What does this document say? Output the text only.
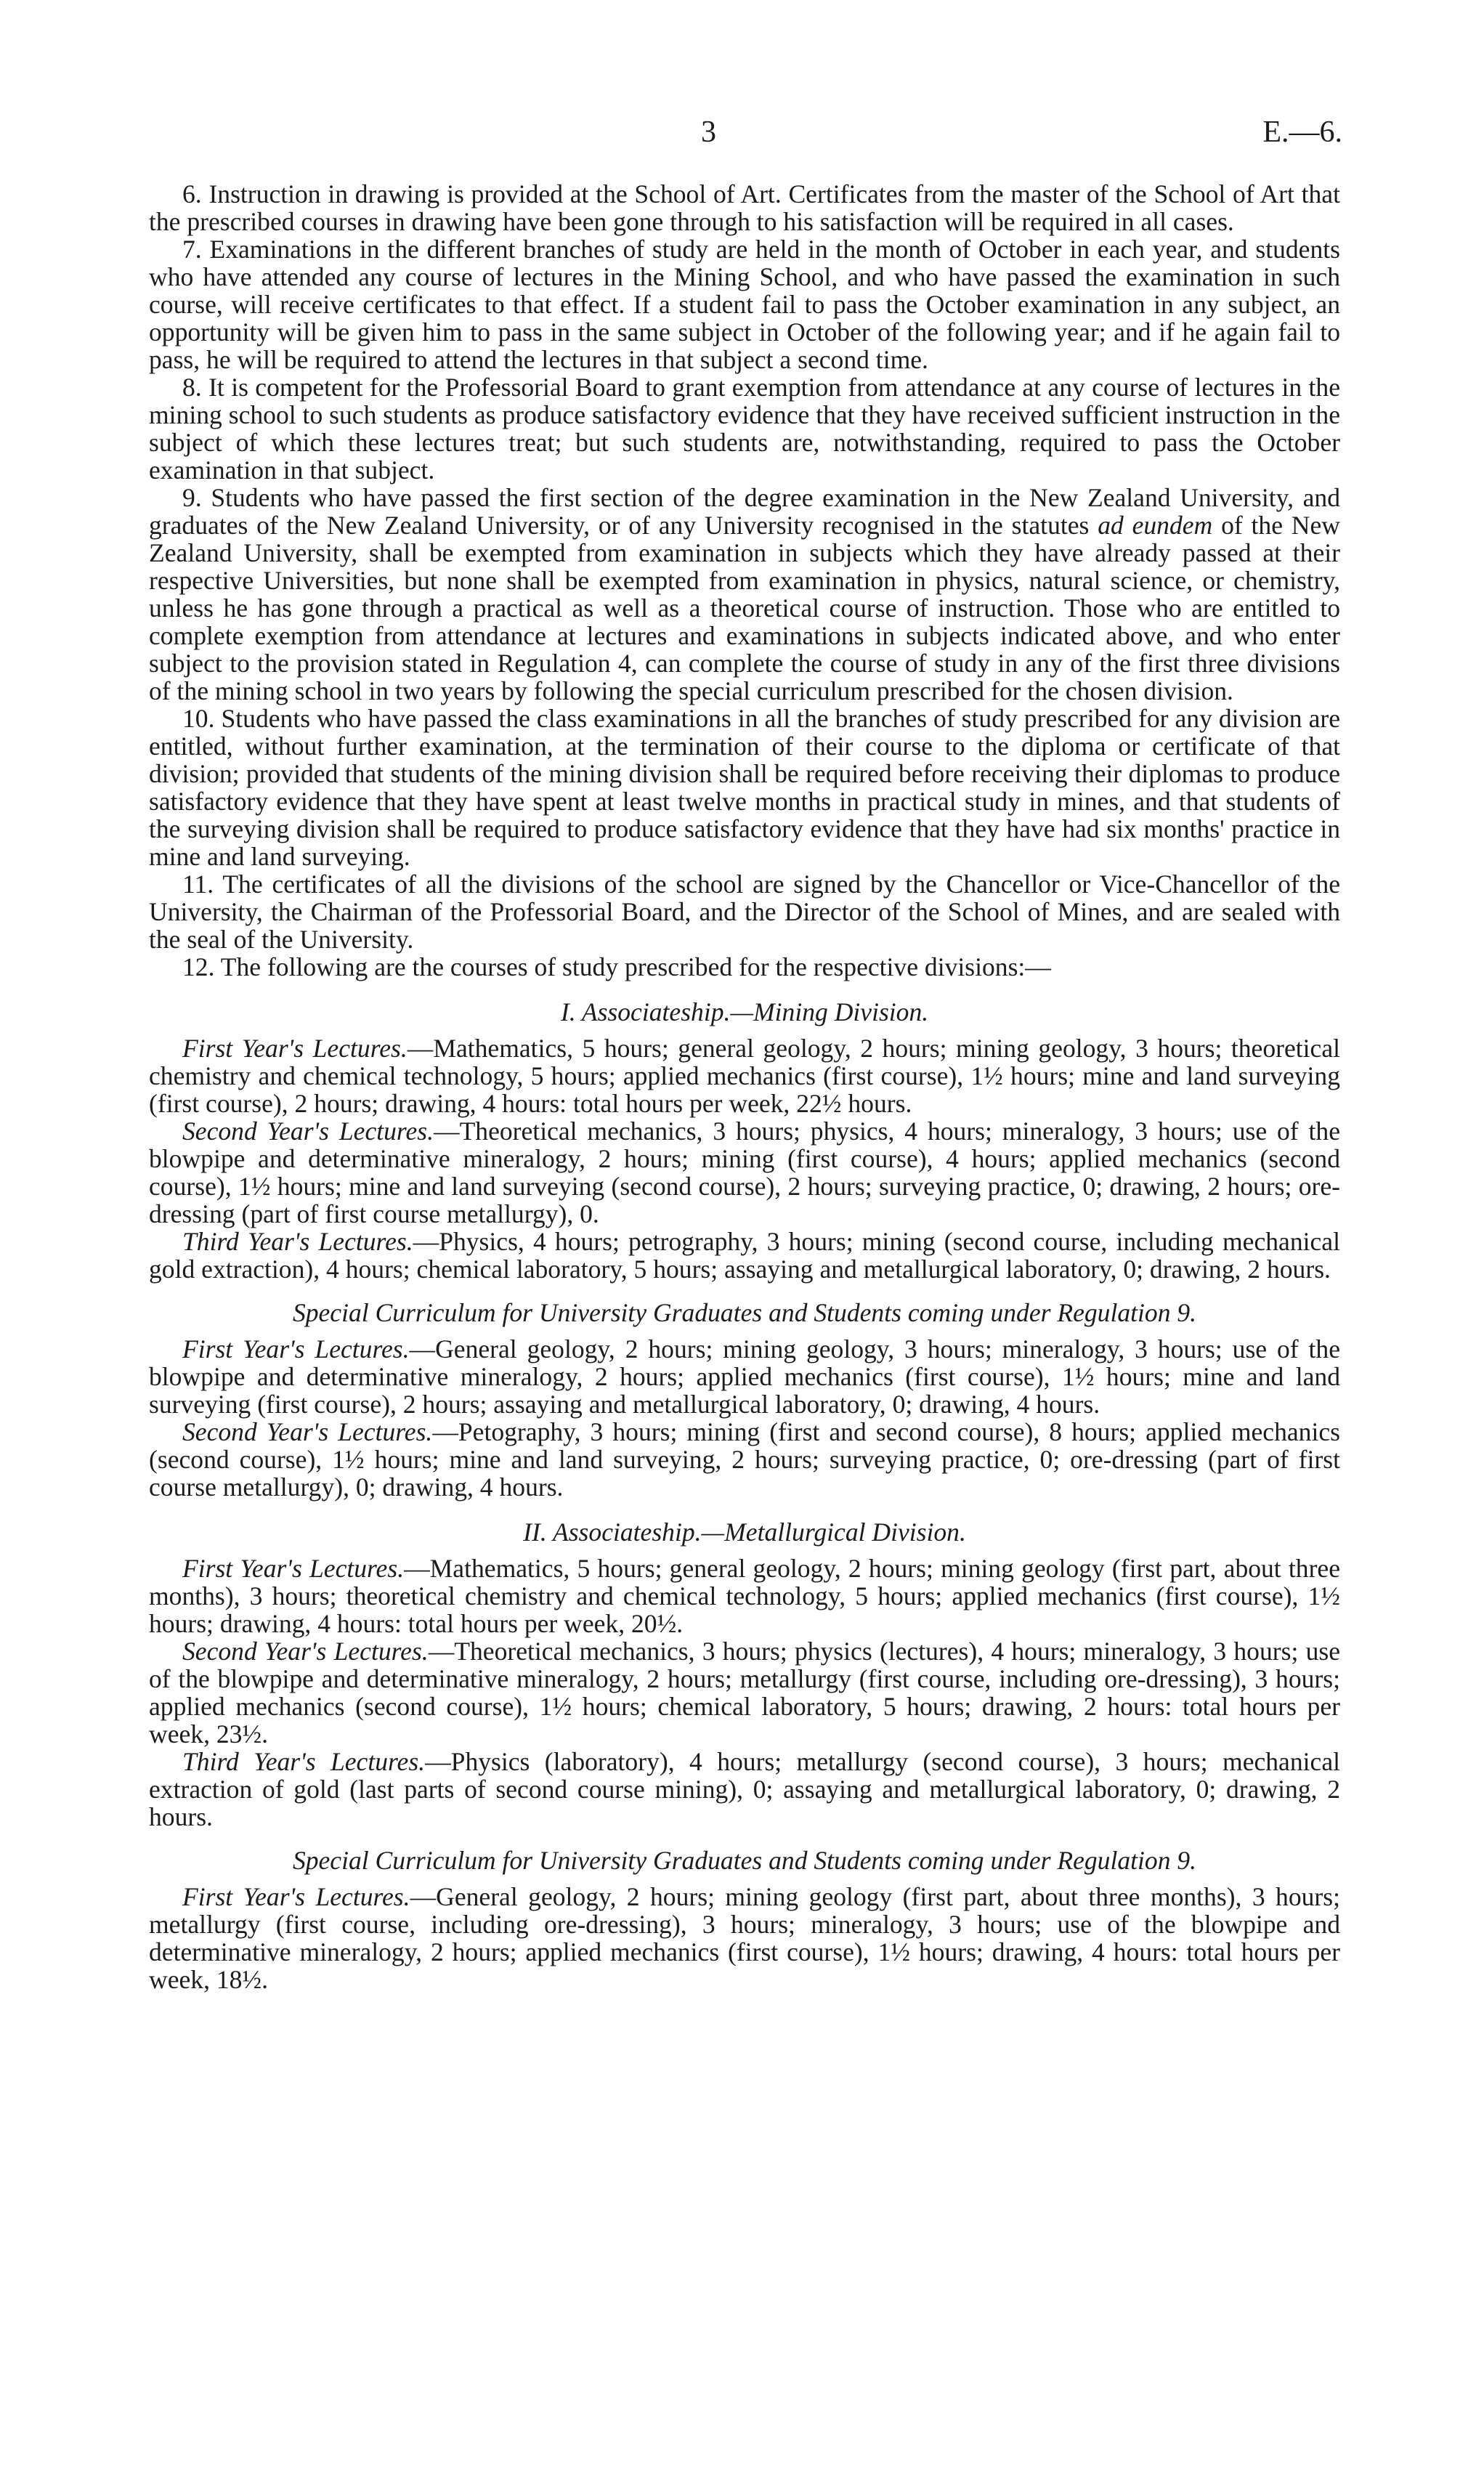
3	E.—6.

6. Instruction in drawing is provided at the School of Art. Certificates from the master of the School of Art that the prescribed courses in drawing have been gone through to his satisfaction will be required in all cases.

7. Examinations in the different branches of study are held in the month of October in each year, and students who have attended any course of lectures in the Mining School, and who have passed the examination in such course, will receive certificates to that effect. If a student fail to pass the October examination in any subject, an opportunity will be given him to pass in the same subject in October of the following year; and if he again fail to pass, he will be required to attend the lectures in that subject a second time.

8. It is competent for the Professorial Board to grant exemption from attendance at any course of lectures in the mining school to such students as produce satisfactory evidence that they have received sufficient instruction in the subject of which these lectures treat; but such students are, notwithstanding, required to pass the October examination in that subject.

9. Students who have passed the first section of the degree examination in the New Zealand University, and graduates of the New Zealand University, or of any University recognised in the statutes ad eundem of the New Zealand University, shall be exempted from examination in subjects which they have already passed at their respective Universities, but none shall be exempted from examination in physics, natural science, or chemistry, unless he has gone through a practical as well as a theoretical course of instruction. Those who are entitled to complete exemption from attendance at lectures and examinations in subjects indicated above, and who enter subject to the provision stated in Regulation 4, can complete the course of study in any of the first three divisions of the mining school in two years by following the special curriculum prescribed for the chosen division.

10. Students who have passed the class examinations in all the branches of study prescribed for any division are entitled, without further examination, at the termination of their course to the diploma or certificate of that division; provided that students of the mining division shall be required before receiving their diplomas to produce satisfactory evidence that they have spent at least twelve months in practical study in mines, and that students of the surveying division shall be required to produce satisfactory evidence that they have had six months' practice in mine and land surveying.

11. The certificates of all the divisions of the school are signed by the Chancellor or Vice-Chancellor of the University, the Chairman of the Professorial Board, and the Director of the School of Mines, and are sealed with the seal of the University.

12. The following are the courses of study prescribed for the respective divisions:—

I. Associateship.—Mining Division.

First Year's Lectures.—Mathematics, 5 hours; general geology, 2 hours; mining geology, 3 hours; theoretical chemistry and chemical technology, 5 hours; applied mechanics (first course), 1½ hours; mine and land surveying (first course), 2 hours; drawing, 4 hours: total hours per week, 22½ hours.

Second Year's Lectures.—Theoretical mechanics, 3 hours; physics, 4 hours; mineralogy, 3 hours; use of the blowpipe and determinative mineralogy, 2 hours; mining (first course), 4 hours; applied mechanics (second course), 1½ hours; mine and land surveying (second course), 2 hours; surveying practice, 0; drawing, 2 hours; ore-dressing (part of first course metallurgy), 0.

Third Year's Lectures.—Physics, 4 hours; petrography, 3 hours; mining (second course, including mechanical gold extraction), 4 hours; chemical laboratory, 5 hours; assaying and metallurgical laboratory, 0; drawing, 2 hours.

Special Curriculum for University Graduates and Students coming under Regulation 9.

First Year's Lectures.—General geology, 2 hours; mining geology, 3 hours; mineralogy, 3 hours; use of the blowpipe and determinative mineralogy, 2 hours; applied mechanics (first course), 1½ hours; mine and land surveying (first course), 2 hours; assaying and metallurgical laboratory, 0; drawing, 4 hours.

Second Year's Lectures.—Petography, 3 hours; mining (first and second course), 8 hours; applied mechanics (second course), 1½ hours; mine and land surveying, 2 hours; surveying practice, 0; ore-dressing (part of first course metallurgy), 0; drawing, 4 hours.

II. Associateship.—Metallurgical Division.

First Year's Lectures.—Mathematics, 5 hours; general geology, 2 hours; mining geology (first part, about three months), 3 hours; theoretical chemistry and chemical technology, 5 hours; applied mechanics (first course), 1½ hours; drawing, 4 hours: total hours per week, 20½.

Second Year's Lectures.—Theoretical mechanics, 3 hours; physics (lectures), 4 hours; mineralogy, 3 hours; use of the blowpipe and determinative mineralogy, 2 hours; metallurgy (first course, including ore-dressing), 3 hours; applied mechanics (second course), 1½ hours; chemical laboratory, 5 hours; drawing, 2 hours: total hours per week, 23½.

Third Year's Lectures.—Physics (laboratory), 4 hours; metallurgy (second course), 3 hours; mechanical extraction of gold (last parts of second course mining), 0; assaying and metallurgical laboratory, 0; drawing, 2 hours.

Special Curriculum for University Graduates and Students coming under Regulation 9.

First Year's Lectures.—General geology, 2 hours; mining geology (first part, about three months), 3 hours; metallurgy (first course, including ore-dressing), 3 hours; mineralogy, 3 hours; use of the blowpipe and determinative mineralogy, 2 hours; applied mechanics (first course), 1½ hours; drawing, 4 hours: total hours per week, 18½.
